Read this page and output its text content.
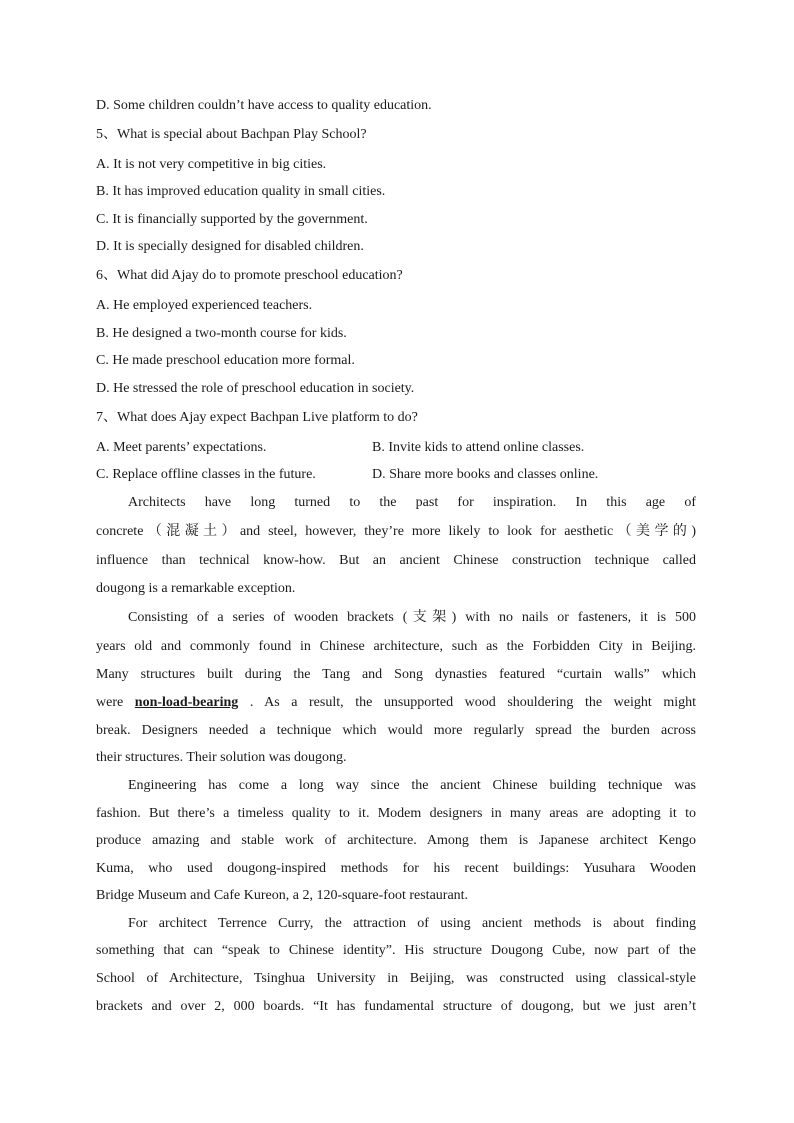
D. Some children couldn’t have access to quality education.
5、What is special about Bachpan Play School?
A. It is not very competitive in big cities.
B. It has improved education quality in small cities.
C. It is financially supported by the government.
D. It is specially designed for disabled children.
6、What did Ajay do to promote preschool education?
A. He employed experienced teachers.
B. He designed a two-month course for kids.
C. He made preschool education more formal.
D. He stressed the role of preschool education in society.
7、What does Ajay expect Bachpan Live platform to do?
A. Meet parents’ expectations.	B. Invite kids to attend online classes.
C. Replace offline classes in the future.	D. Share more books and classes online.
Architects have long turned to the past for inspiration. In this age of
concrete（混凝土）and steel, however, they’re more likely to look for aesthetic（美学的)
influence than technical know-how. But an ancient Chinese construction technique called
dougong is a remarkable exception.
Consisting of a series of wooden brackets (支架) with no nails or fasteners, it is 500
years old and commonly found in Chinese architecture, such as the Forbidden City in Beijing.
Many structures built during the Tang and Song dynasties featured “curtain walls” which
were non-load-bearing . As a result, the unsupported wood shouldering the weight might
break. Designers needed a technique which would more regularly spread the burden across
their structures. Their solution was dougong.
Engineering has come a long way since the ancient Chinese building technique was
fashion. But there’s a timeless quality to it. Modem designers in many areas are adopting it to
produce amazing and stable work of architecture. Among them is Japanese architect Kengo
Kuma, who used dougong-inspired methods for his recent buildings: Yusuhara Wooden
Bridge Museum and Cafe Kureon, a 2, 120-square-foot restaurant.
For architect Terrence Curry, the attraction of using ancient methods is about finding
something that can “speak to Chinese identity”. His structure Dougong Cube, now part of the
School of Architecture, Tsinghua University in Beijing, was constructed using classical-style
brackets and over 2, 000 boards. “It has fundamental structure of dougong, but we just aren’t
